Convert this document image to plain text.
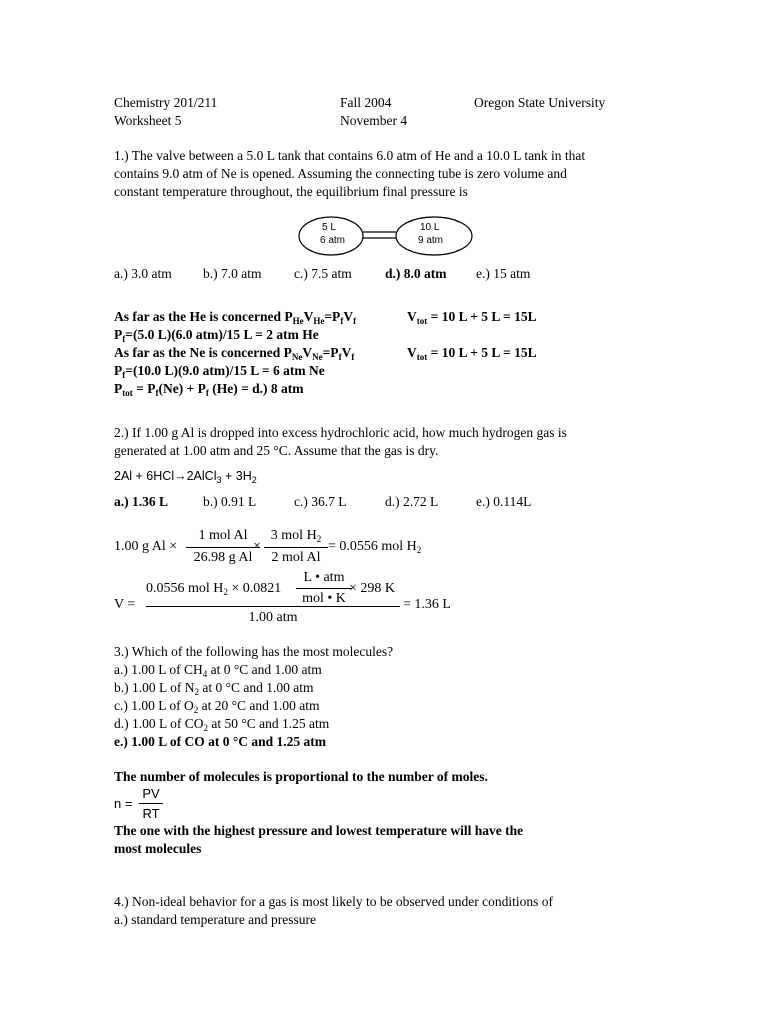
Chemistry 201/211	Fall 2004	Oregon State University
Worksheet 5	November 4
1.) The valve between a 5.0 L tank that contains 6.0 atm of He and a 10.0 L tank in that
contains 9.0 atm of Ne is opened. Assuming the connecting tube is zero volume and
constant temperature throughout, the equilibrium final pressure is
5 L
6 atm
10 L
9 atm
a.) 3.0 atm b.) 7.0 atm c.) 7.5 atm d.) 8.0 atm e.) 15 atm
As far as the He is concerned $P_{He}V_{He}=P_fV_f$	$V_{tot} = 10$ L + 5 L = 15L
$P_f=(5.0$ L)(6.0 atm)/15 L = 2 atm He
As far as the Ne is concerned $P_{Ne}V_{Ne}=P_fV_f$	$V_{tot} = 10$ L + 5 L = 15L
$P_f=(10.0$ L)(9.0 atm)/15 L = 6 atm Ne
$P_{tot} = P_f(Ne) + P_f$ (He) = d.) 8 atm
2.) If 1.00 g Al is dropped into excess hydrochloric acid, how much hydrogen gas is
generated at 1.00 atm and 25 °C. Assume that the gas is dry.
2Al + 6HCl→2AlCl$_3$ + $3H_2$
a.) 1.36 L	b.) 0.91 L	c.) 36.7 L	d.) 2.72 L	e.) 0.114L
1.00 g Al ×
1 mol Al
26.98 g Al
×
3 mol $H_2$
2 mol Al
= 0.0556 mol $H_2$
V =
0.0556 mol $H_2 \times 0.0821$
L • atm
mol • K
× 298 K
1.00 atm
= 1.36 L
3.) Which of the following has the most molecules?
a.) 1.00 L of $CH_4$ at 0 °C and 1.00 atm
b.) 1.00 L of $N_2$ at 0 °C and 1.00 atm
c.) 1.00 L of $O_2$ at 20 °C and 1.00 atm
d.) 1.00 L of $CO_2$ at 50 °C and 1.25 atm
e.) 1.00 L of CO at 0 °C and 1.25 atm
The number of molecules is proportional to the number of moles.
n =
PV
RT
The one with the highest pressure and lowest temperature will have the
most molecules
4.) Non-ideal behavior for a gas is most likely to be observed under conditions of
a.) standard temperature and pressure
